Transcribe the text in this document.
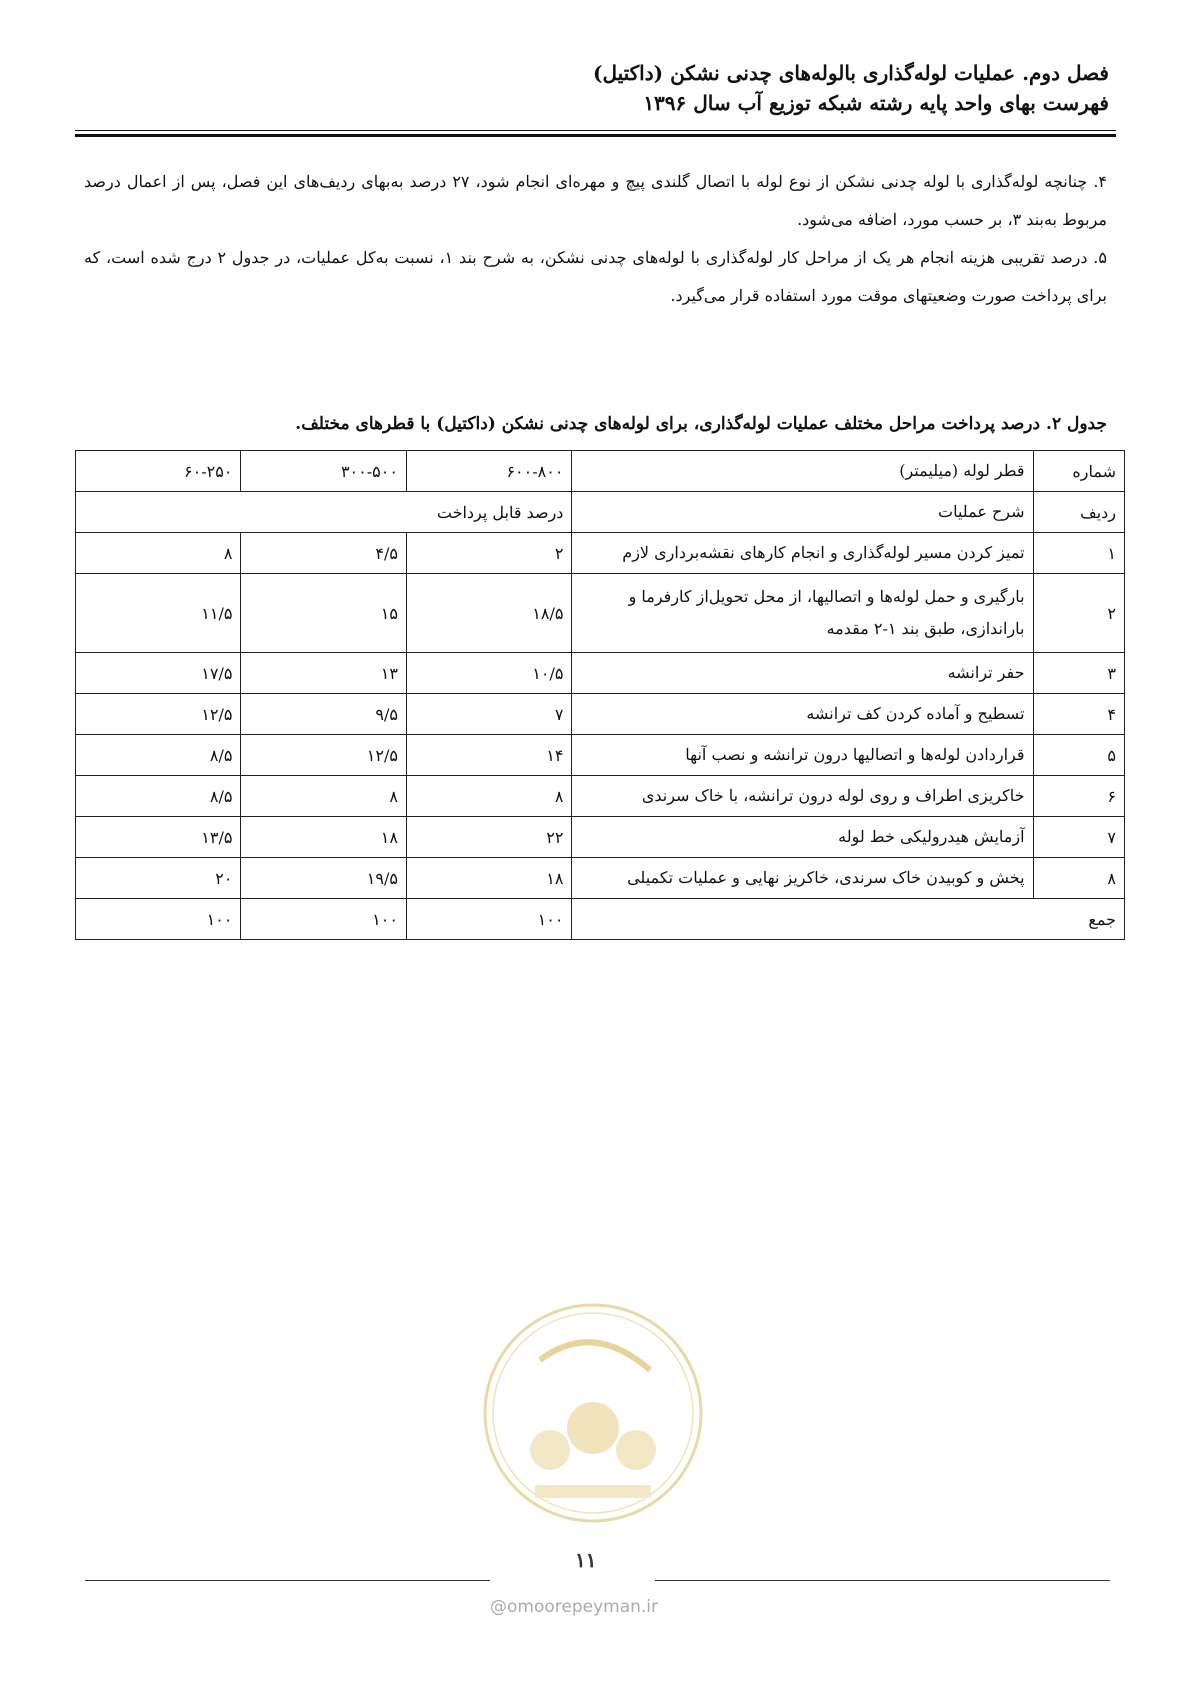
فصل دوم. عملیات لوله‌گذاری بالوله‌های چدنی نشکن (داکتیل)
فهرست بهای واحد پایه رشته شبکه توزیع آب سال ۱۳۹۶

۴. چنانچه لوله‌گذاری با لوله چدنی نشکن از نوع لوله با اتصال گلندی پیچ و مهره‌ای انجام شود، ۲۷ درصد به‌بهای ردیف‌های این فصل، پس از اعمال درصد مربوط به‌بند ۳، بر حسب مورد، اضافه می‌شود.

۵. درصد تقریبی هزینه انجام هر یک از مراحل کار لوله‌گذاری با لوله‌های چدنی نشکن، به شرح بند ۱، نسبت به‌کل عملیات، در جدول ۲ درج شده است، که برای پرداخت صورت وضعیتهای موقت مورد استفاده قرار می‌گیرد.

جدول ۲. درصد پرداخت مراحل مختلف عملیات لوله‌گذاری، برای لوله‌های چدنی نشکن (داکتیل) با قطرهای مختلف.
شماره	قطر لوله (میلیمتر)	۶۰۰-۸۰۰	۳۰۰-۵۰۰	۶۰-۲۵۰
ردیف	شرح عملیات	درصد قابل پرداخت		
۱	تمیز کردن مسیر لوله‌گذاری و انجام کارهای نقشه‌برداری لازم	۲	۴/۵	۸
۲	بارگیری و حمل لوله‌ها و اتصالیها، از محل تحویل‌از کارفرما و باراندازی، طبق بند ۱-۲ مقدمه	۱۸/۵	۱۵	۱۱/۵
۳	حفر ترانشه	۱۰/۵	۱۳	۱۷/۵
۴	تسطیح و آماده کردن کف ترانشه	۷	۹/۵	۱۲/۵
۵	قراردادن لوله‌ها و اتصالیها درون ترانشه و نصب آنها	۱۴	۱۲/۵	۸/۵
۶	خاکریزی اطراف و روی لوله درون ترانشه، با خاک سرندی	۸	۸	۸/۵
۷	آزمایش هیدرولیکی خط لوله	۲۲	۱۸	۱۳/۵
۸	پخش و کوبیدن خاک سرندی، خاکریز نهایی و عملیات تکمیلی	۱۸	۱۹/۵	۲۰
جمع		۱۰۰	۱۰۰	۱۰۰
۱۱
@omoorepeyman.ir
